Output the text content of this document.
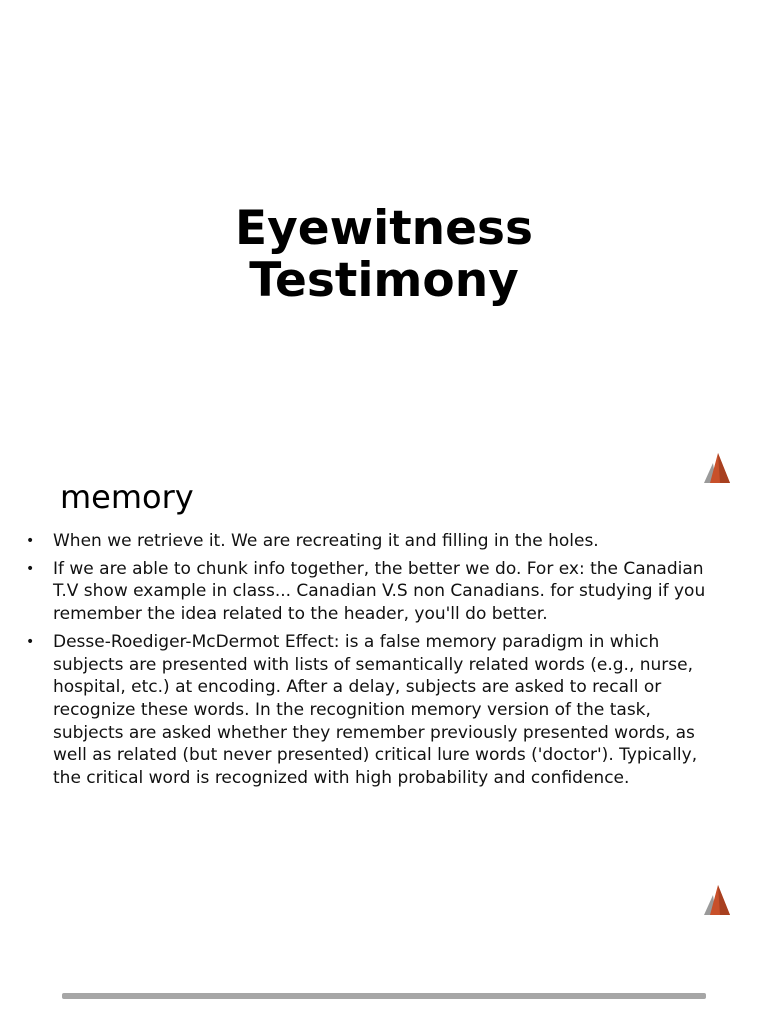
Eyewitness
Testimony
memory
• When we retrieve it. We are recreating it and filling in the holes.
• If we are able to chunk info together, the better we do. For ex: the Canadian T.V show example in class... Canadian V.S non Canadians. for studying if you remember the idea related to the header, you'll do better.
• Desse-Roediger-McDermot Effect: is a false memory paradigm in which subjects are presented with lists of semantically related words (e.g., nurse, hospital, etc.) at encoding. After a delay, subjects are asked to recall or recognize these words. In the recognition memory version of the task, subjects are asked whether they remember previously presented words, as well as related (but never presented) critical lure words ('doctor'). Typically, the critical word is recognized with high probability and confidence.
